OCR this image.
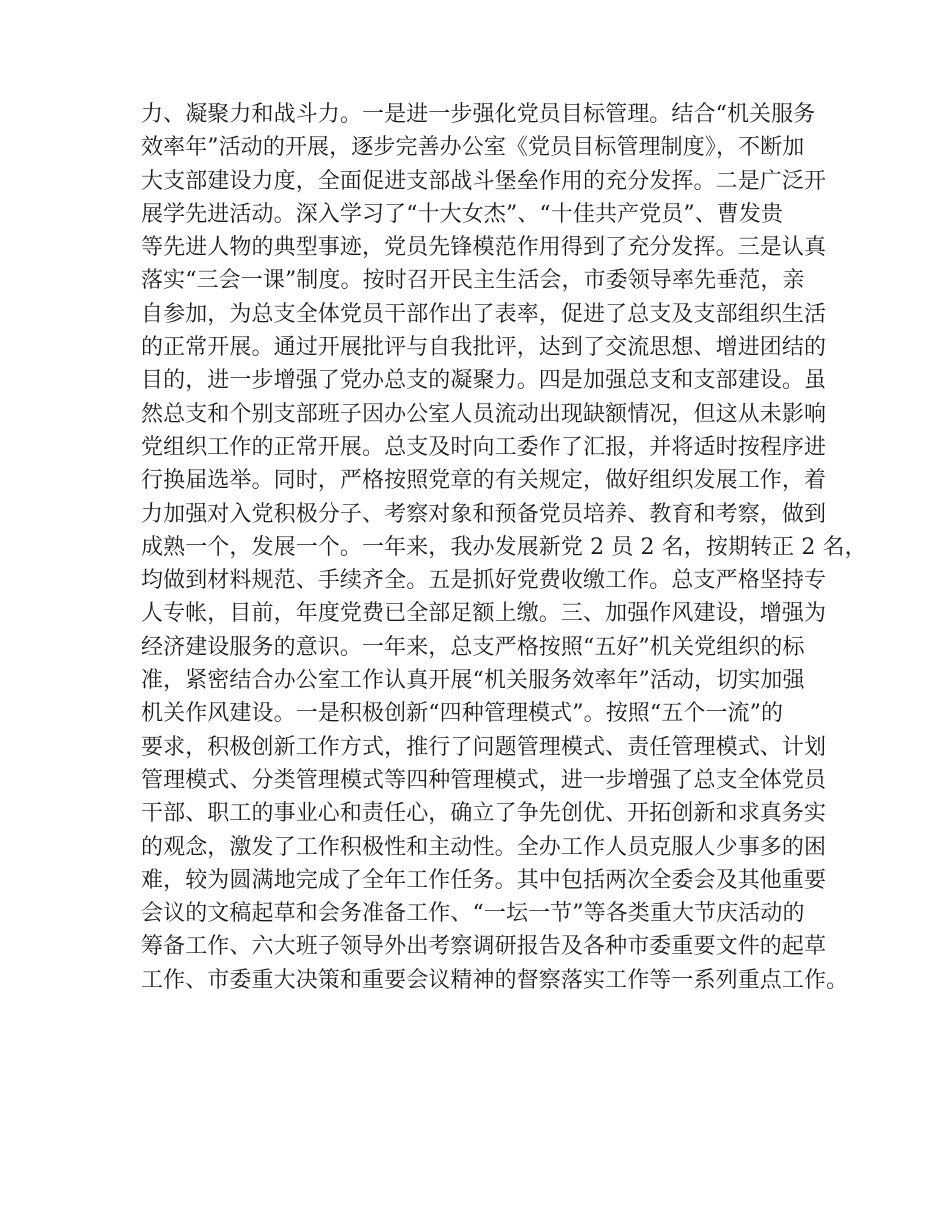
力、凝聚力和战斗力。一是进一步强化党员目标管理。结合“机关服务
效率年”活动的开展，逐步完善办公室《党员目标管理制度》，不断加
大支部建设力度，全面促进支部战斗堡垒作用的充分发挥。二是广泛开
展学先进活动。深入学习了“十大女杰”、“十佳共产党员”、曹发贵
等先进人物的典型事迹，党员先锋模范作用得到了充分发挥。三是认真
落实“三会一课”制度。按时召开民主生活会，市委领导率先垂范，亲
自参加，为总支全体党员干部作出了表率，促进了总支及支部组织生活
的正常开展。通过开展批评与自我批评，达到了交流思想、增进团结的
目的，进一步增强了党办总支的凝聚力。四是加强总支和支部建设。虽
然总支和个别支部班子因办公室人员流动出现缺额情况，但这从未影响
党组织工作的正常开展。总支及时向工委作了汇报，并将适时按程序进
行换届选举。同时，严格按照党章的有关规定，做好组织发展工作，着
力加强对入党积极分子、考察对象和预备党员培养、教育和考察，做到
成熟一个，发展一个。一年来，我办发展新党 2 员 2 名，按期转正 2 名，
均做到材料规范、手续齐全。五是抓好党费收缴工作。总支严格坚持专
人专帐，目前，年度党费已全部足额上缴。三、加强作风建设，增强为
经济建设服务的意识。一年来，总支严格按照“五好”机关党组织的标
准，紧密结合办公室工作认真开展“机关服务效率年”活动，切实加强
机关作风建设。一是积极创新“四种管理模式”。按照“五个一流”的
要求，积极创新工作方式，推行了问题管理模式、责任管理模式、计划
管理模式、分类管理模式等四种管理模式，进一步增强了总支全体党员
干部、职工的事业心和责任心，确立了争先创优、开拓创新和求真务实
的观念，激发了工作积极性和主动性。全办工作人员克服人少事多的困
难，较为圆满地完成了全年工作任务。其中包括两次全委会及其他重要
会议的文稿起草和会务准备工作、“一坛一节”等各类重大节庆活动的
筹备工作、六大班子领导外出考察调研报告及各种市委重要文件的起草
工作、市委重大决策和重要会议精神的督察落实工作等一系列重点工作。
